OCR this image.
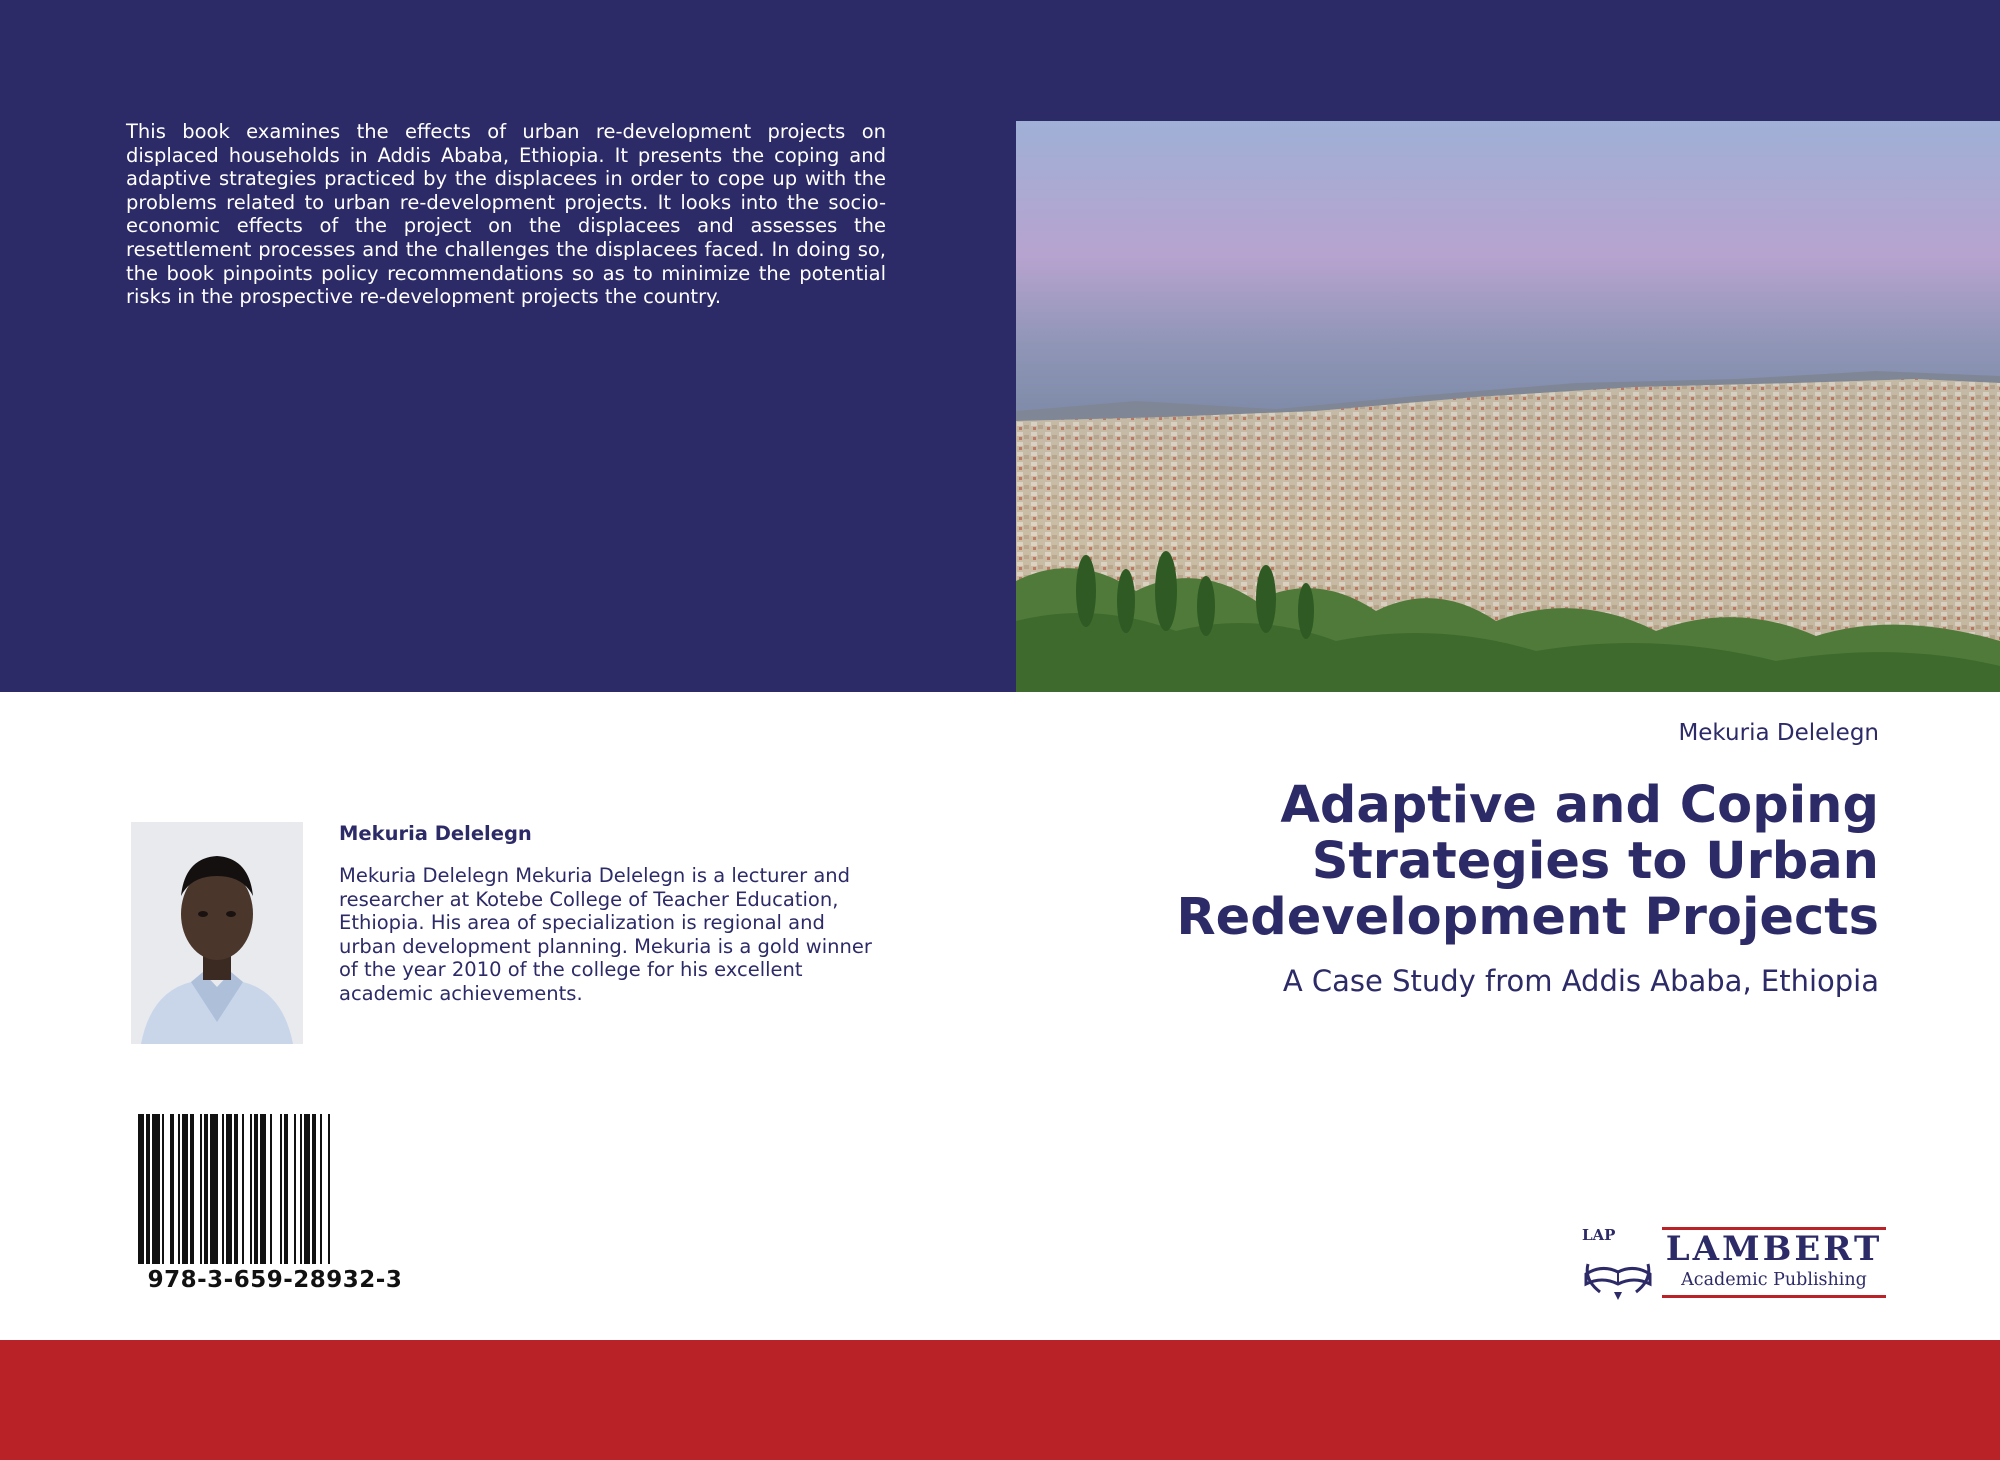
This book examines the effects of urban re-development projects on displaced households in Addis Ababa, Ethiopia. It presents the coping and adaptive strategies practiced by the displacees in order to cope up with the problems related to urban re-development projects. It looks into the socio-economic effects of the project on the displacees and assesses the resettlement processes and the challenges the displacees faced. In doing so, the book pinpoints policy recommendations so as to minimize the potential risks in the prospective re-development projects the country.

Mekuria Delelegn

Adaptive and Coping Strategies to Urban Redevelopment Projects

A Case Study from Addis Ababa, Ethiopia

Mekuria Delelegn

Mekuria Delelegn Mekuria Delelegn is a lecturer and researcher at Kotebe College of Teacher Education, Ethiopia. His area of specialization is regional and urban development planning. Mekuria is a gold winner of the year 2010 of the college for his excellent academic achievements.

978-3-659-28932-3

LAP LAMBERT

Academic Publishing
